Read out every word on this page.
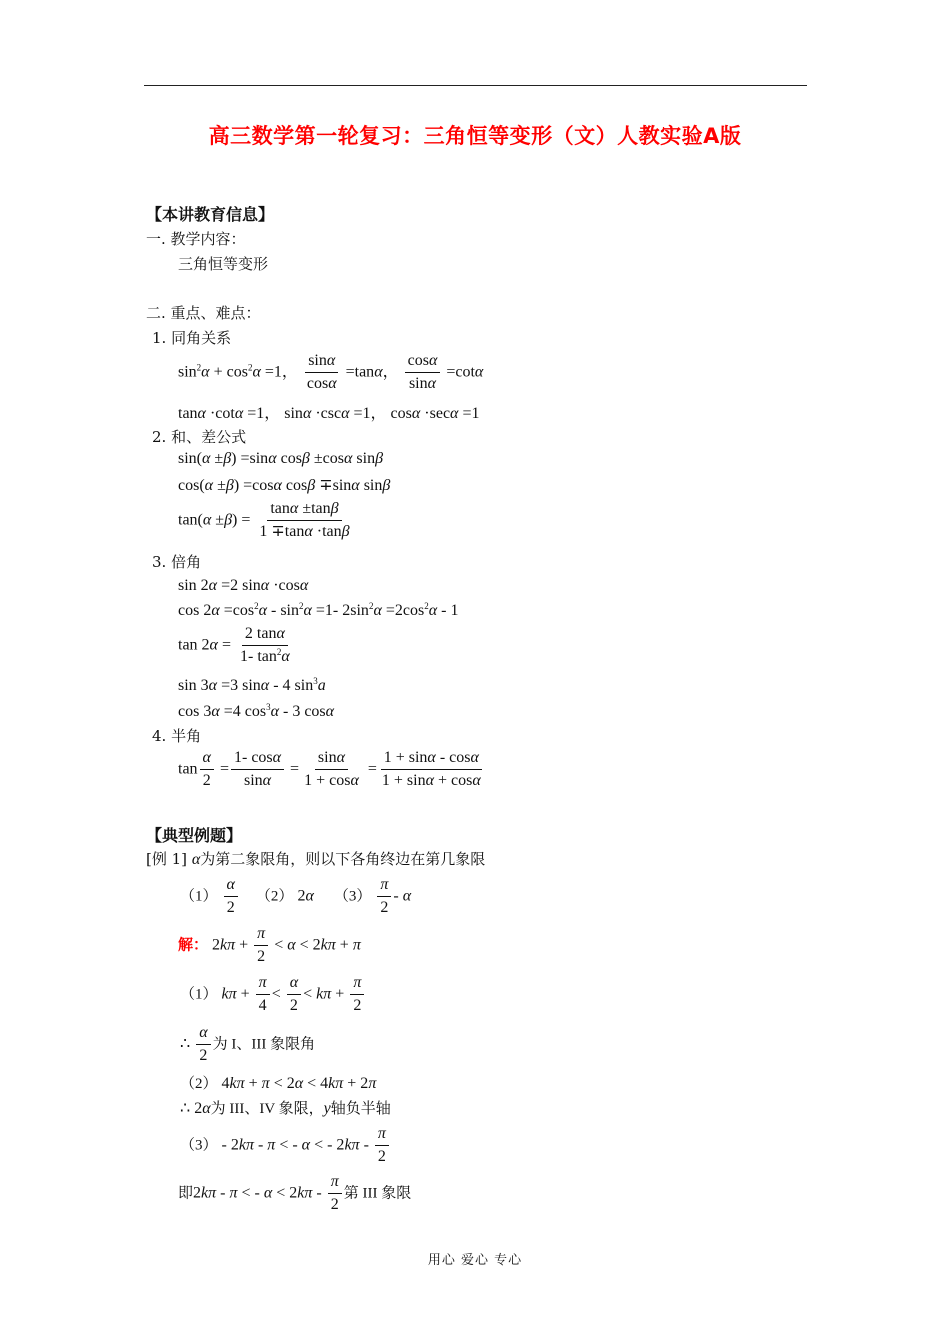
高三数学第一轮复习：三角恒等变形（文）人教实验A版
【本讲教育信息】
一. 教学内容：
三角恒等变形
二. 重点、难点：
1. 同角关系
$\sin^2\alpha + \cos^2\alpha =1$， $\frac{\sin\alpha}{\cos\alpha} =\tan\alpha$， $\frac{\cos\alpha}{\sin\alpha} =\cot\alpha$
tanα ·cotα =1， sinα ·cscα =1， cosα ·secα =1
2. 和、差公式
sin(α ±β) =sinα cosβ ±cosα sinβ
cos(α ±β) =cosα cosβ ∓sinα sinβ
$\tan(\alpha \pm\beta) = \frac{\tan\alpha \pm\tan\beta}{1 \mp\tan\alpha \cdot\tan\beta}$
3. 倍角
sin 2α =2 sinα ·cosα
$\cos 2\alpha =\cos^2\alpha - \sin^2\alpha =1-$ $2\sin^2\alpha =2\cos^2\alpha - 1$
$\tan 2\alpha = \frac{2 \tan\alpha}{1- \tan^2\alpha}$
sin 3α =3 sinα - 4 $\sin^3a$
cos 3α =4 $\cos^3\alpha - 3$ cosα
4. 半角
$\tan \frac{\alpha}{2} = \frac{1- \cos\alpha}{\sin\alpha} = \frac{\sin\alpha}{1 + \cos\alpha} = \frac{1 + \sin\alpha - \cos\alpha}{1 + \sin\alpha + \cos\alpha}$
【典型例题】
[例 1] α为第二象限角，则以下各角终边在第几象限
$(1) \frac{\alpha}{2} (2)$ 2α $(3) \frac{\pi}{2}$ - α
解： $2k\pi + \frac{\pi}{2} < \alpha < 2k\pi + \pi$
（1） $k\pi + \frac{\pi}{4} < \frac{\alpha}{2} < k\pi + \frac{\pi}{2}$
∴ $\frac{\alpha}{2}$ 为 I、III 象限角
（2） 4kπ + π < 2α < 4kπ + 2π
∴ 2α为 III、IV 象限，y轴负半轴
（3） - 2kπ - π < - α < - $2k\pi - \frac{\pi}{2}$
即2kπ - π < - $\alpha < 2k\pi - \frac{\pi}{2}$ 第 III 象限
用心 爱心 专心
